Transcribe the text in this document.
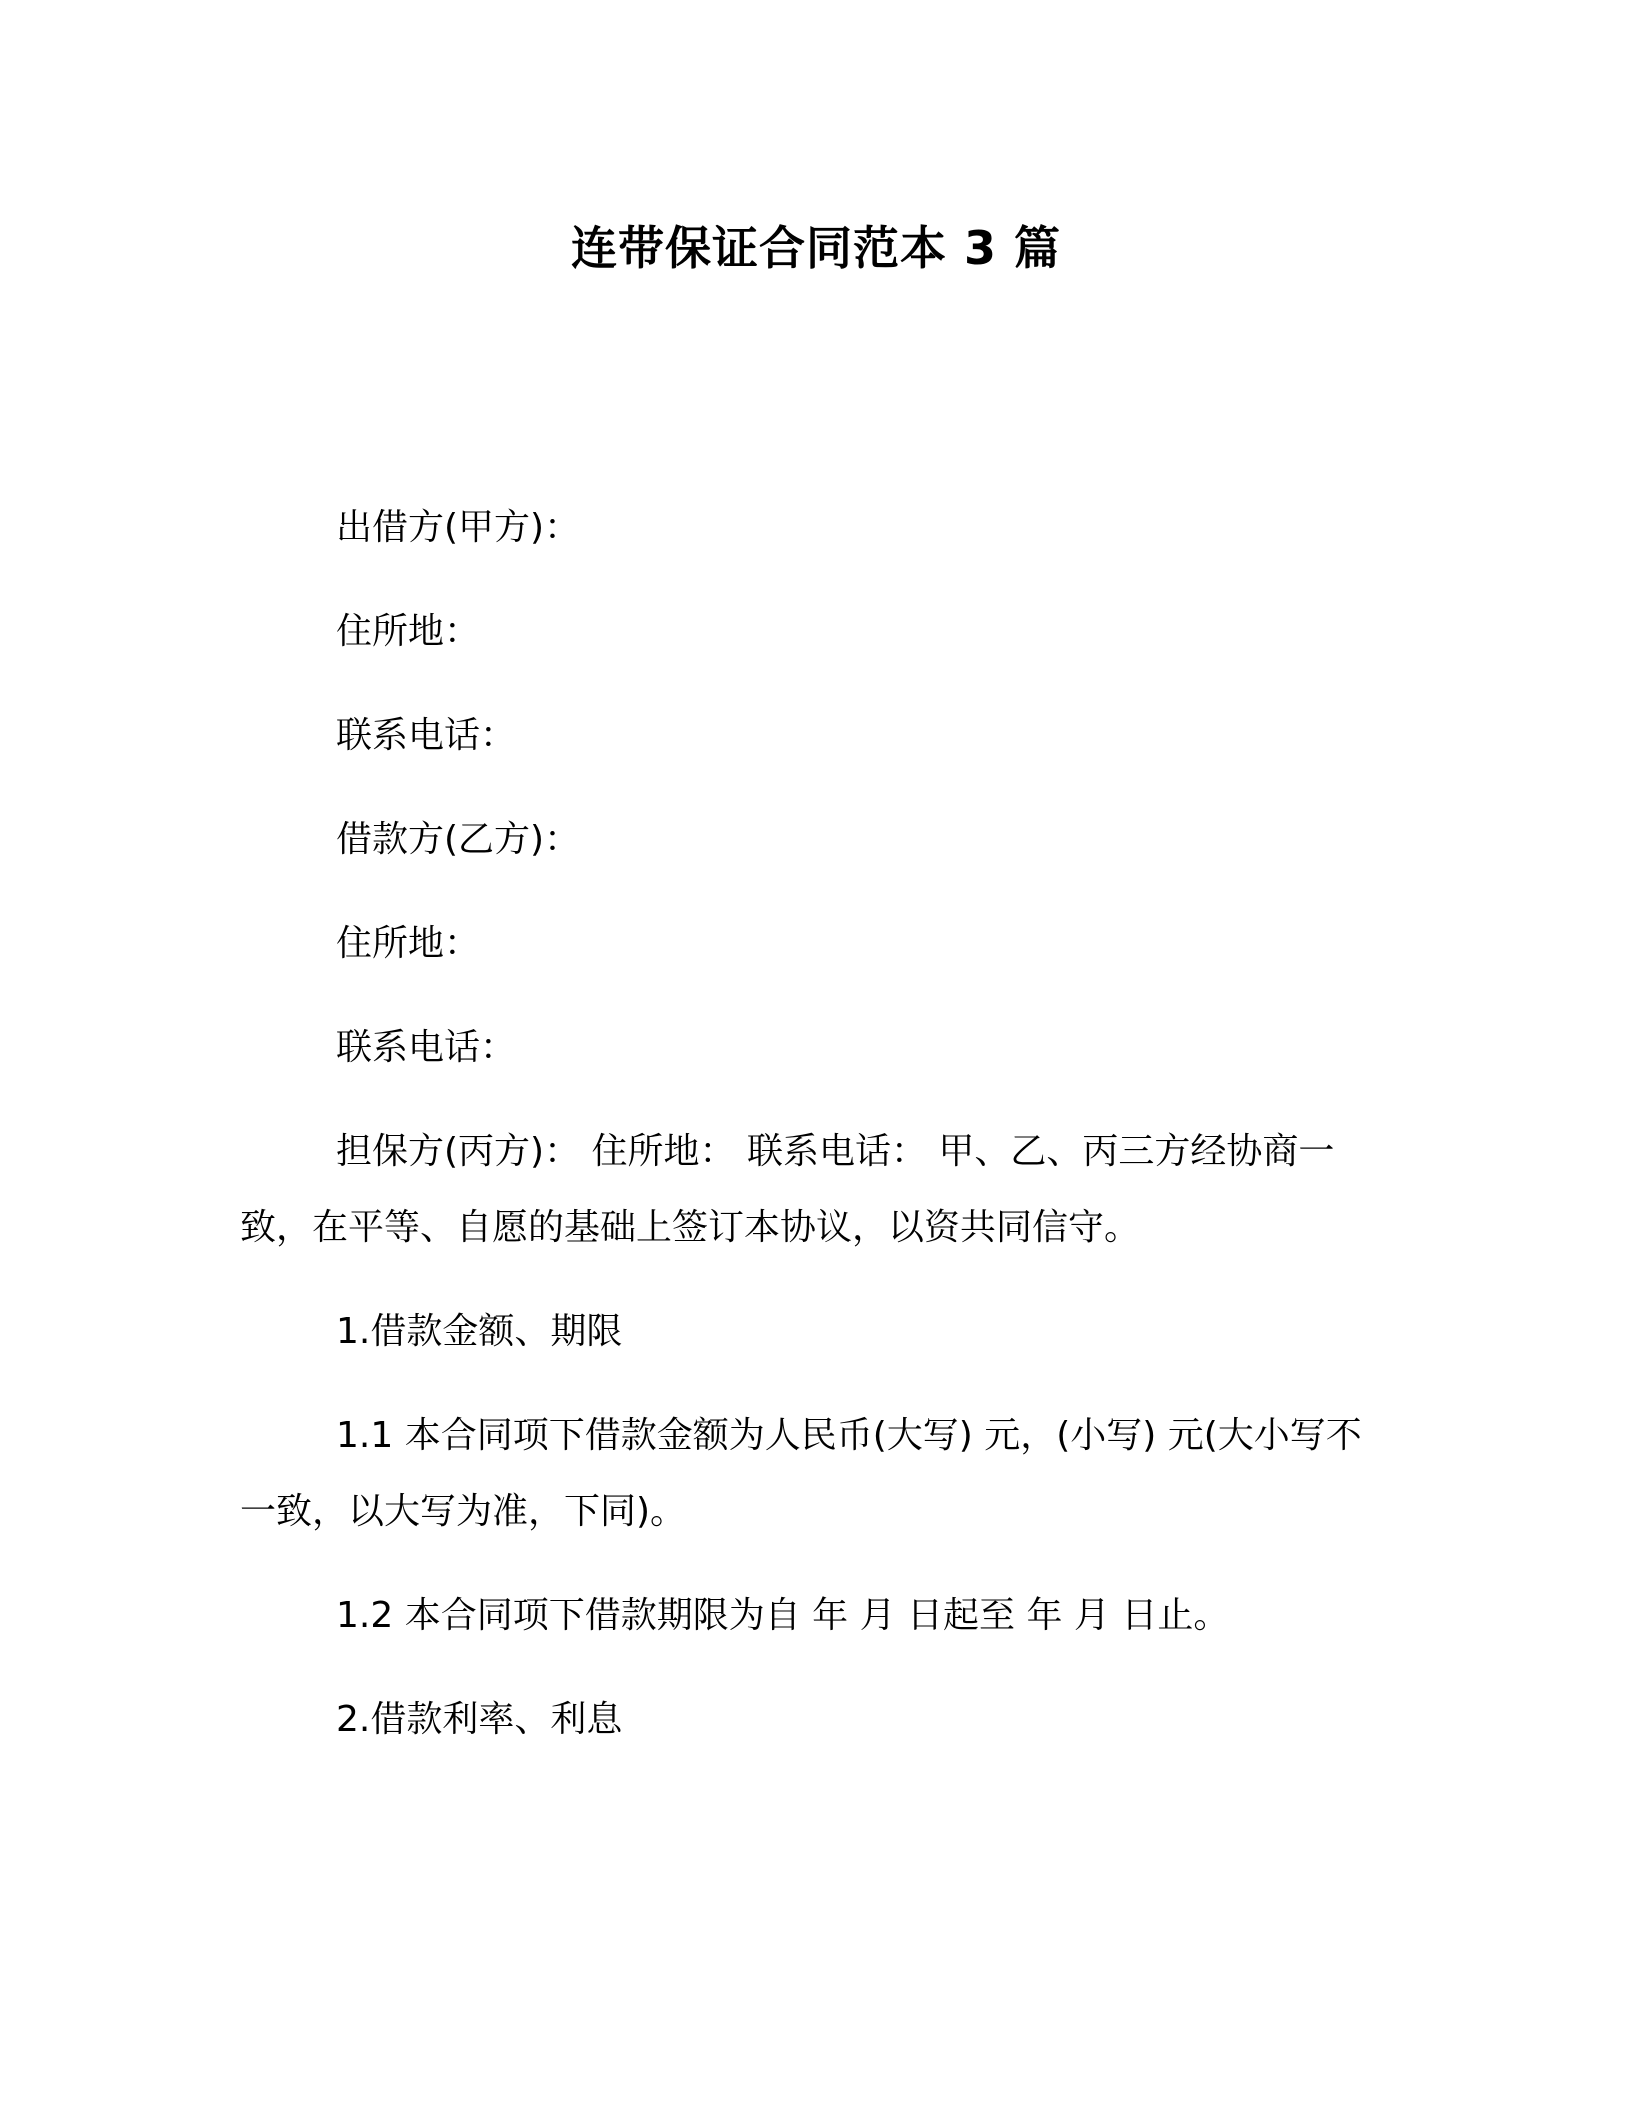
连带保证合同范本 3 篇

出借方(甲方)：

住所地：

联系电话：

借款方(乙方)：

住所地：

联系电话：

担保方(丙方)： 住所地： 联系电话： 甲、乙、丙三方经协商一致，在平等、自愿的基础上签订本协议，以资共同信守。

1.借款金额、期限

1.1 本合同项下借款金额为人民币(大写) 元，(小写) 元(大小写不一致，以大写为准，下同)。

1.2 本合同项下借款期限为自 年 月 日起至 年 月 日止。

2.借款利率、利息
